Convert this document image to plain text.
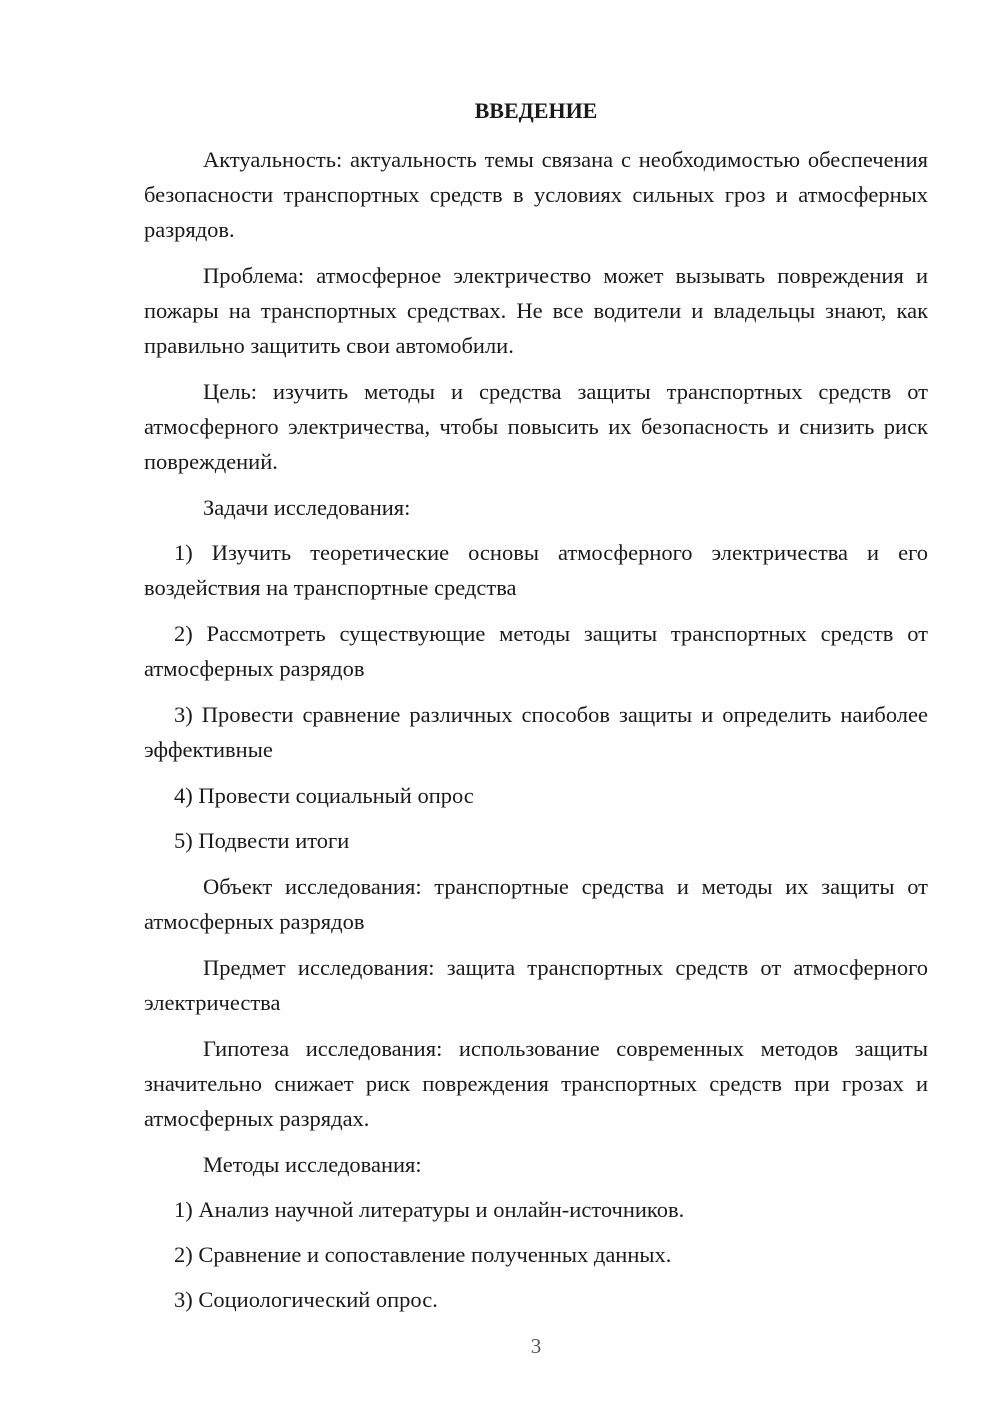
ВВЕДЕНИЕ

Актуальность: актуальность темы связана с необходимостью обеспечения безопасности транспортных средств в условиях сильных гроз и атмосферных разрядов.

Проблема: атмосферное электричество может вызывать повреждения и пожары на транспортных средствах. Не все водители и владельцы знают, как правильно защитить свои автомобили.

Цель: изучить методы и средства защиты транспортных средств от атмосферного электричества, чтобы повысить их безопасность и снизить риск повреждений.

Задачи исследования:

1) Изучить теоретические основы атмосферного электричества и его воздействия на транспортные средства

2) Рассмотреть существующие методы защиты транспортных средств от атмосферных разрядов

3) Провести сравнение различных способов защиты и определить наиболее эффективные

4) Провести социальный опрос

5) Подвести итоги

Объект исследования: транспортные средства и методы их защиты от атмосферных разрядов

Предмет исследования: защита транспортных средств от атмосферного электричества

Гипотеза исследования: использование современных методов защиты значительно снижает риск повреждения транспортных средств при грозах и атмосферных разрядах.

Методы исследования:

1) Анализ научной литературы и онлайн-источников.

2) Сравнение и сопоставление полученных данных.

3) Социологический опрос.

3
